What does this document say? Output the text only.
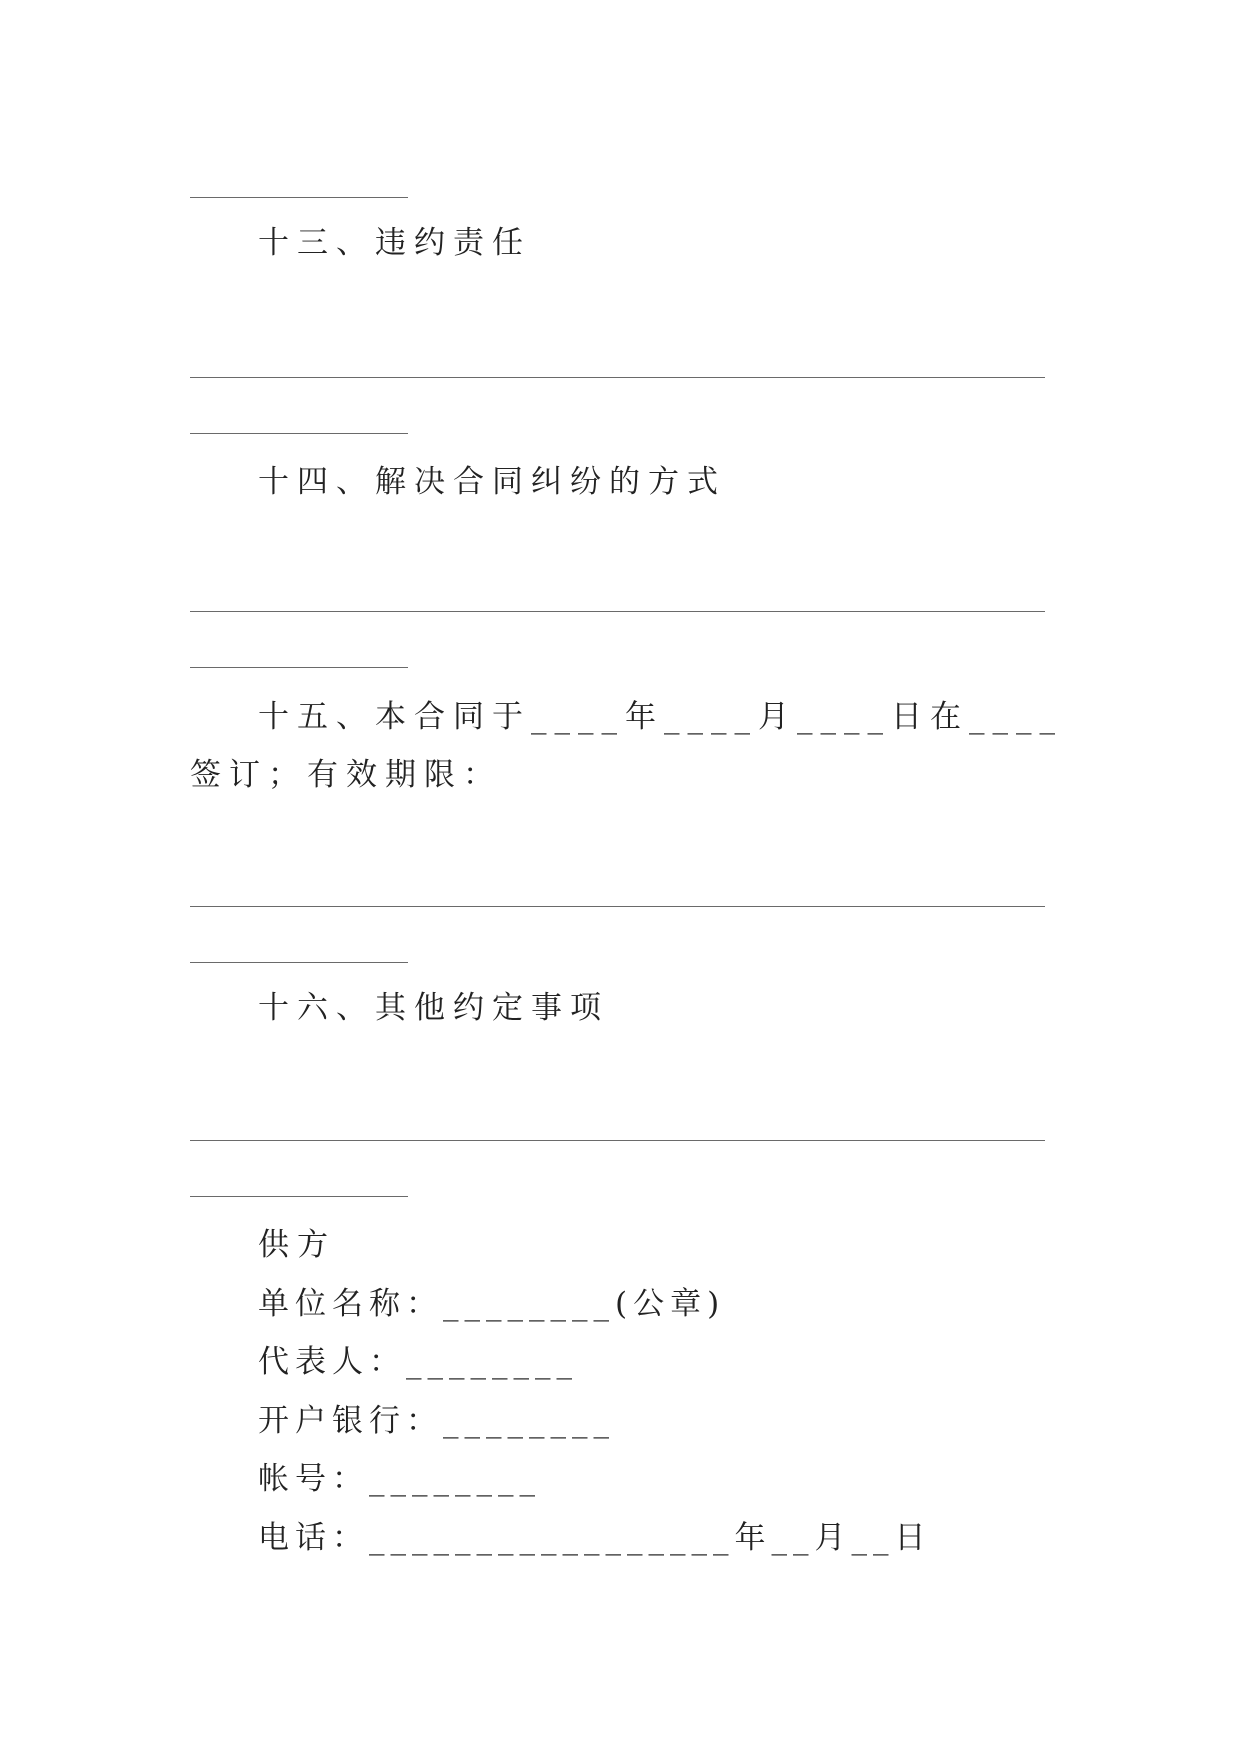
十三、违约责任

十四、解决合同纠纷的方式

十五、本合同于____年____月____日在____签订；有效期限：

十六、其他约定事项

供方

单位名称：________(公章)

代表人：________

开户银行：________

帐号：________

电话：_________________年__月__日
